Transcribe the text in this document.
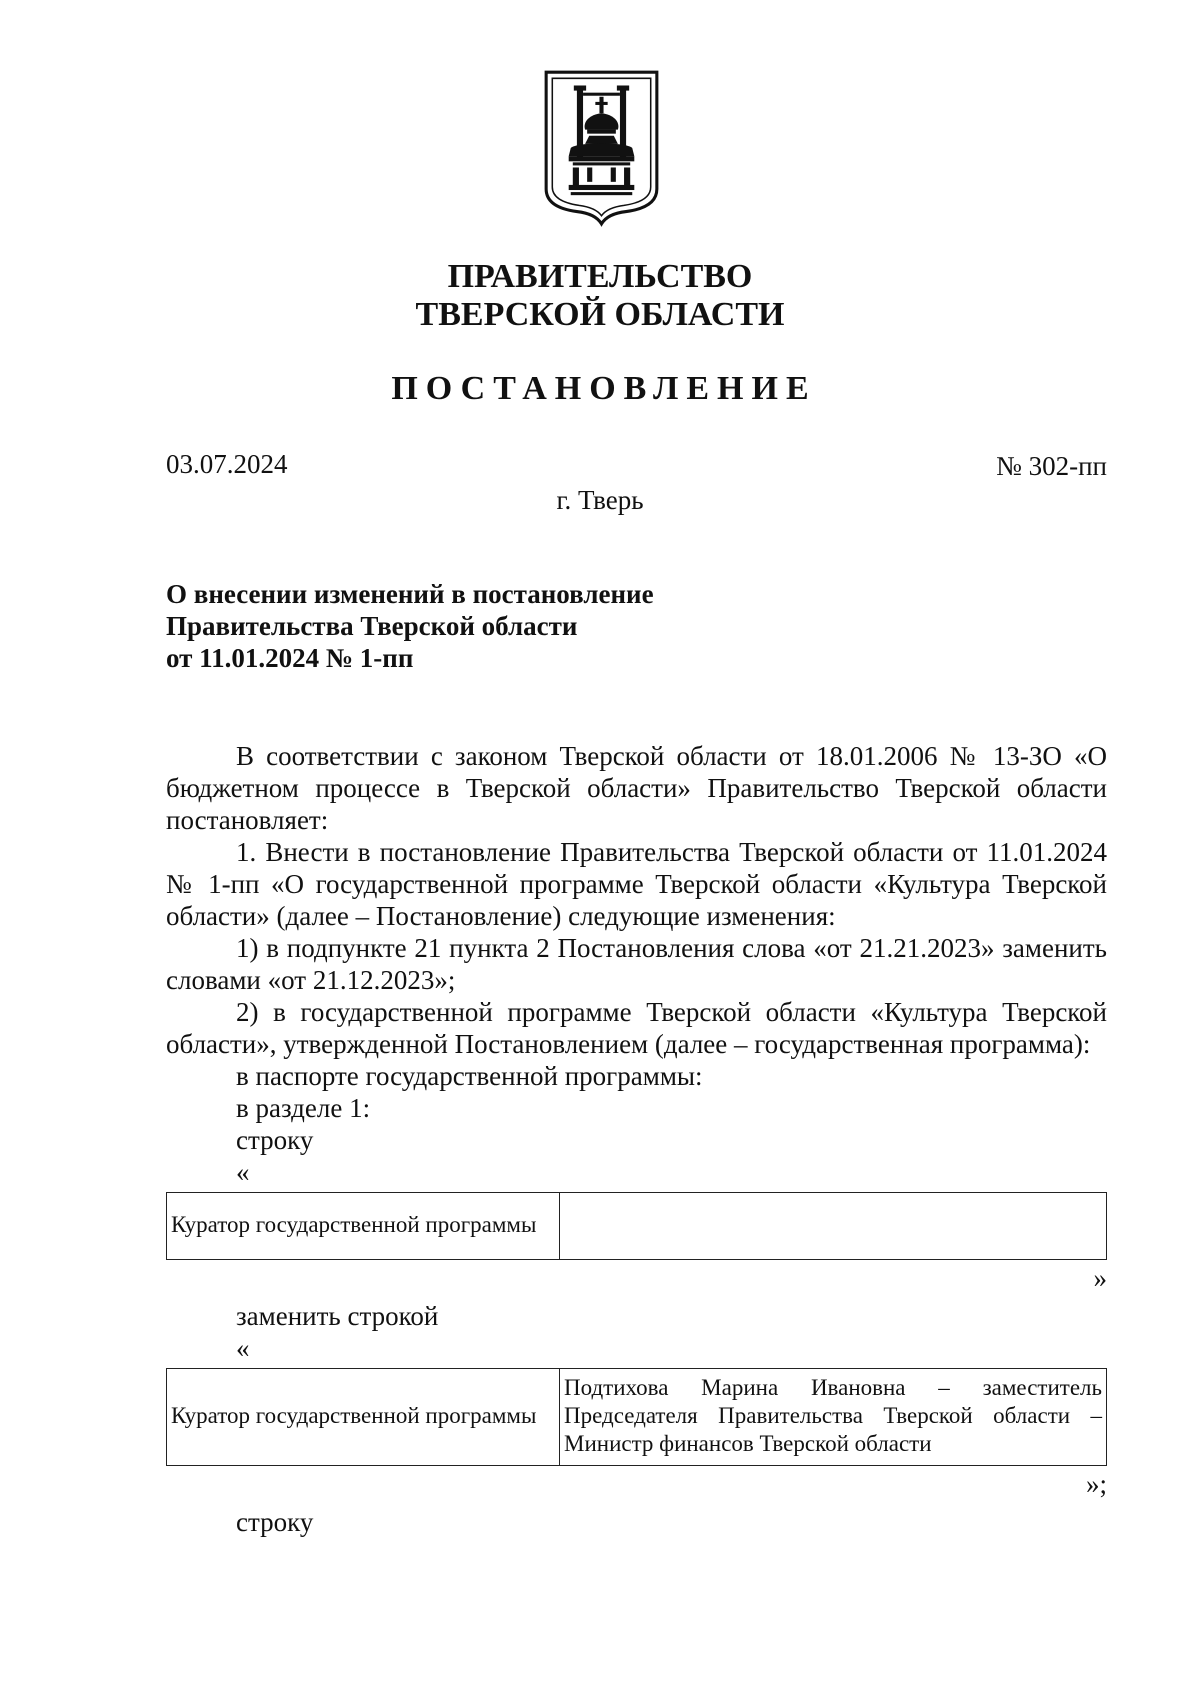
ПРАВИТЕЛЬСТВО
ТВЕРСКОЙ ОБЛАСТИ
ПОСТАНОВЛЕНИЕ
03.07.2024	№ 302-пп
г. Тверь
О внесении изменений в постановление
Правительства Тверской области
от 11.01.2024 № 1-пп

В соответствии с законом Тверской области от 18.01.2006 № 13-ЗО «О бюджетном процессе в Тверской области» Правительство Тверской области постановляет:

1. Внести в постановление Правительства Тверской области от 11.01.2024 № 1-пп «О государственной программе Тверской области «Культура Тверской области» (далее – Постановление) следующие изменения:

1) в подпункте 21 пункта 2 Постановления слова «от 21.21.2023» заменить словами «от 21.12.2023»;

2) в государственной программе Тверской области «Культура Тверской области», утвержденной Постановлением (далее – государственная программа):

в паспорте государственной программы:

в разделе 1:

строку

«

Куратор государственной программы	

»

заменить строкой

«

Куратор государственной программы	Подтихова Марина Ивановна – заместитель Председателя Правительства Тверской области – Министр финансов Тверской области

»;

строку
